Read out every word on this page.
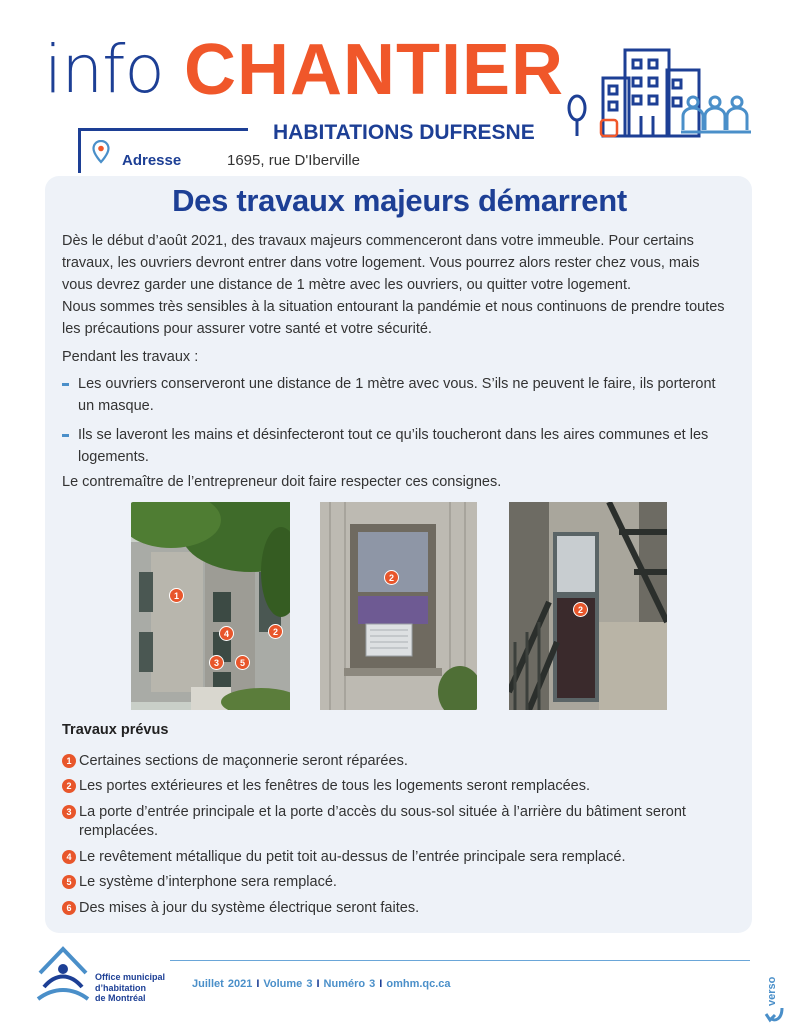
info CHANTIER
HABITATIONS DUFRESNE
Adresse	1695, rue D'Iberville
Des travaux majeurs démarrent
Dès le début d’août 2021, des travaux majeurs commenceront dans votre immeuble. Pour certains travaux, les ouvriers devront entrer dans votre logement. Vous pourrez alors rester chez vous, mais vous devrez garder une distance de 1 mètre avec les ouvriers, ou quitter votre logement.
Nous sommes très sensibles à la situation entourant la pandémie et nous continuons de prendre toutes les précautions pour assurer votre santé et votre sécurité.
Pendant les travaux :
Les ouvriers conserveront une distance de 1 mètre avec vous. S’ils ne peuvent le faire, ils porteront un masque.
Ils se laveront les mains et désinfecteront tout ce qu’ils toucheront dans les aires communes et les logements.
Le contremaître de l’entrepreneur doit faire respecter ces consignes.
1
4	2
3	5
2
2
Travaux prévus
1 Certaines sections de maçonnerie seront réparées.
2 Les portes extérieures et les fenêtres de tous les logements seront remplacées.
3 La porte d’entrée principale et la porte d’accès du sous-sol située à l’arrière du bâtiment seront remplacées.
4 Le revêtement métallique du petit toit au-dessus de l’entrée principale sera remplacé.
5 Le système d’interphone sera remplacé.
6 Des mises à jour du système électrique seront faites.
Office municipal
d’habitation
de Montréal
Juillet 2021 I Volume 3 I Numéro 3 I omhm.qc.ca	verso
